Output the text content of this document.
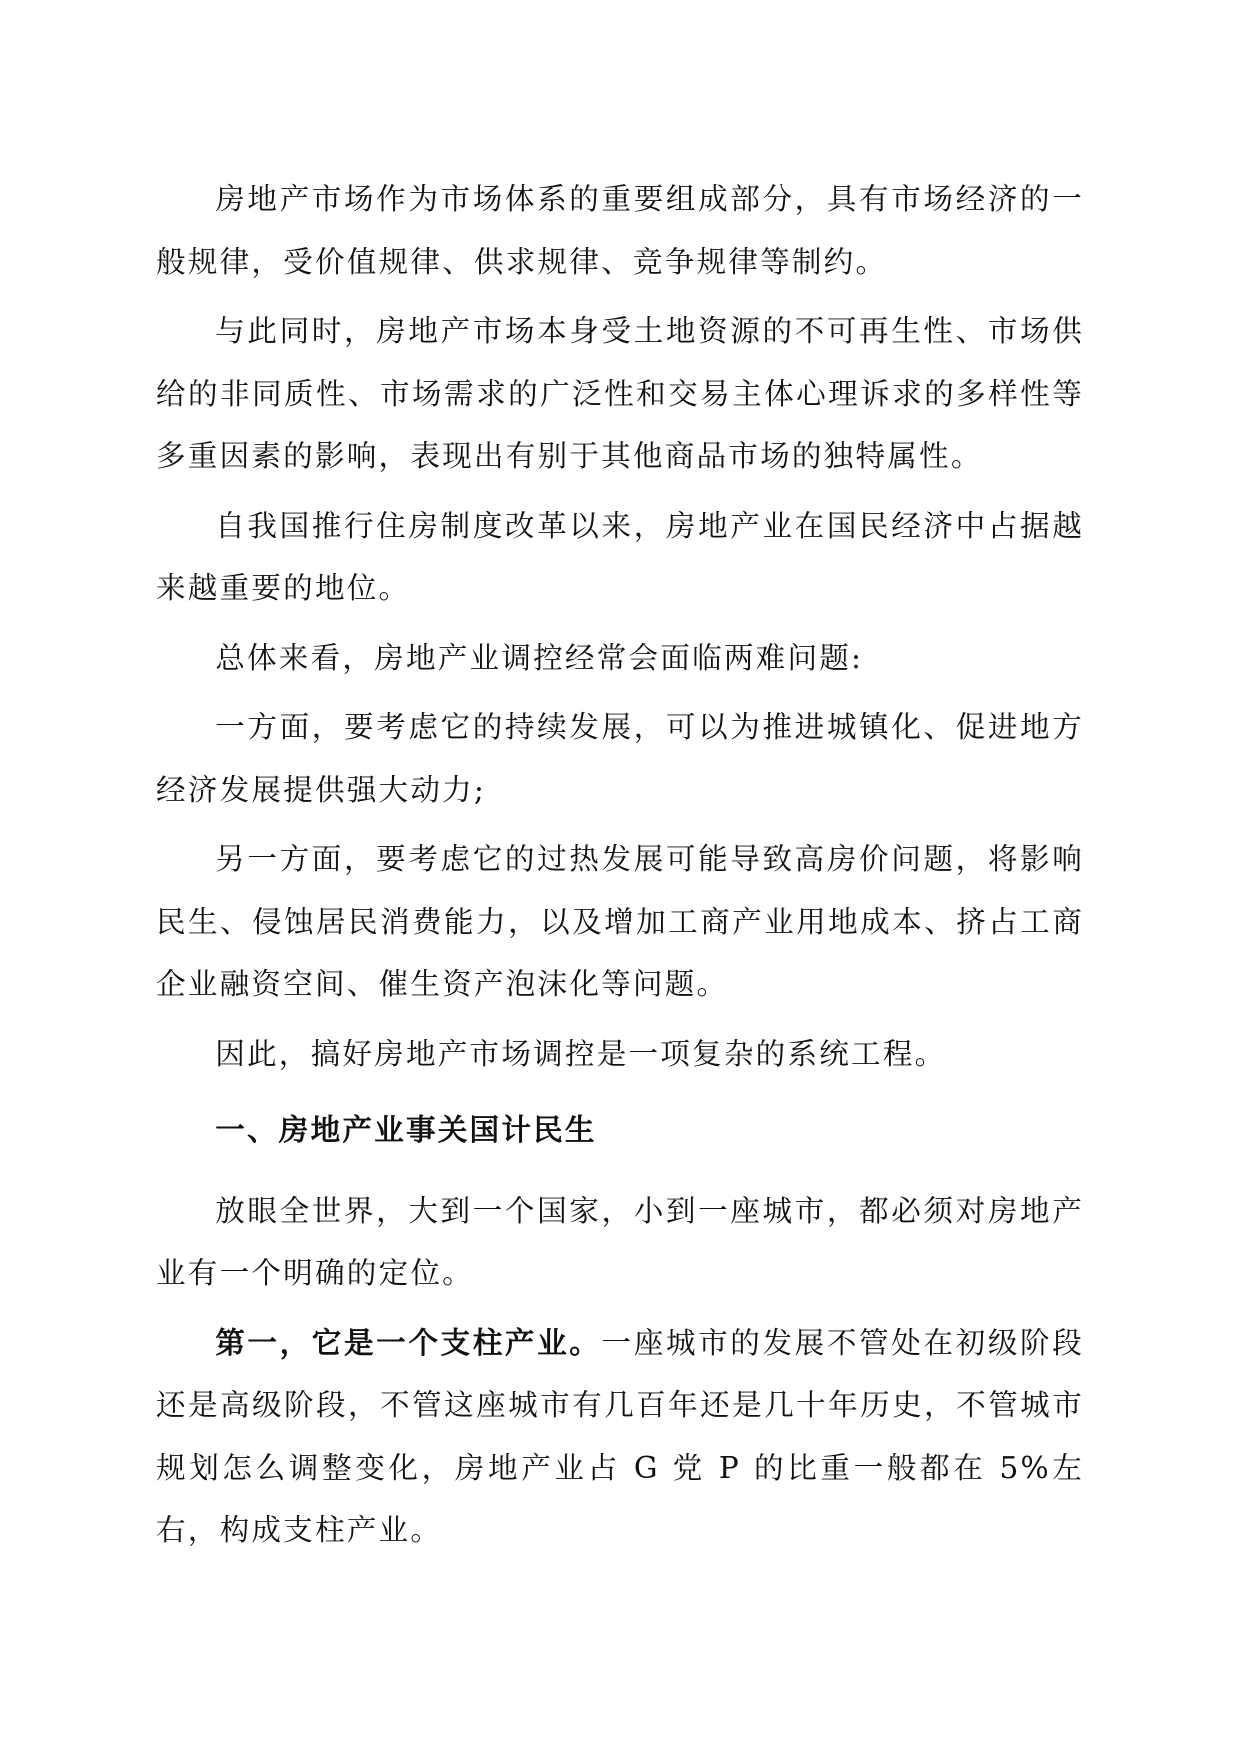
房地产市场作为市场体系的重要组成部分，具有市场经济的一般规律，受价值规律、供求规律、竞争规律等制约。

与此同时，房地产市场本身受土地资源的不可再生性、市场供给的非同质性、市场需求的广泛性和交易主体心理诉求的多样性等多重因素的影响，表现出有别于其他商品市场的独特属性。

自我国推行住房制度改革以来，房地产业在国民经济中占据越来越重要的地位。

总体来看，房地产业调控经常会面临两难问题:

一方面，要考虑它的持续发展，可以为推进城镇化、促进地方经济发展提供强大动力;

另一方面，要考虑它的过热发展可能导致高房价问题，将影响民生、侵蚀居民消费能力，以及增加工商产业用地成本、挤占工商企业融资空间、催生资产泡沫化等问题。

因此，搞好房地产市场调控是一项复杂的系统工程。

一、房地产业事关国计民生

放眼全世界，大到一个国家，小到一座城市，都必须对房地产业有一个明确的定位。

第一，它是一个支柱产业。一座城市的发展不管处在初级阶段还是高级阶段，不管这座城市有几百年还是几十年历史，不管城市规划怎么调整变化，房地产业占 G 党 P 的比重一般都在 5%左右，构成支柱产业。
